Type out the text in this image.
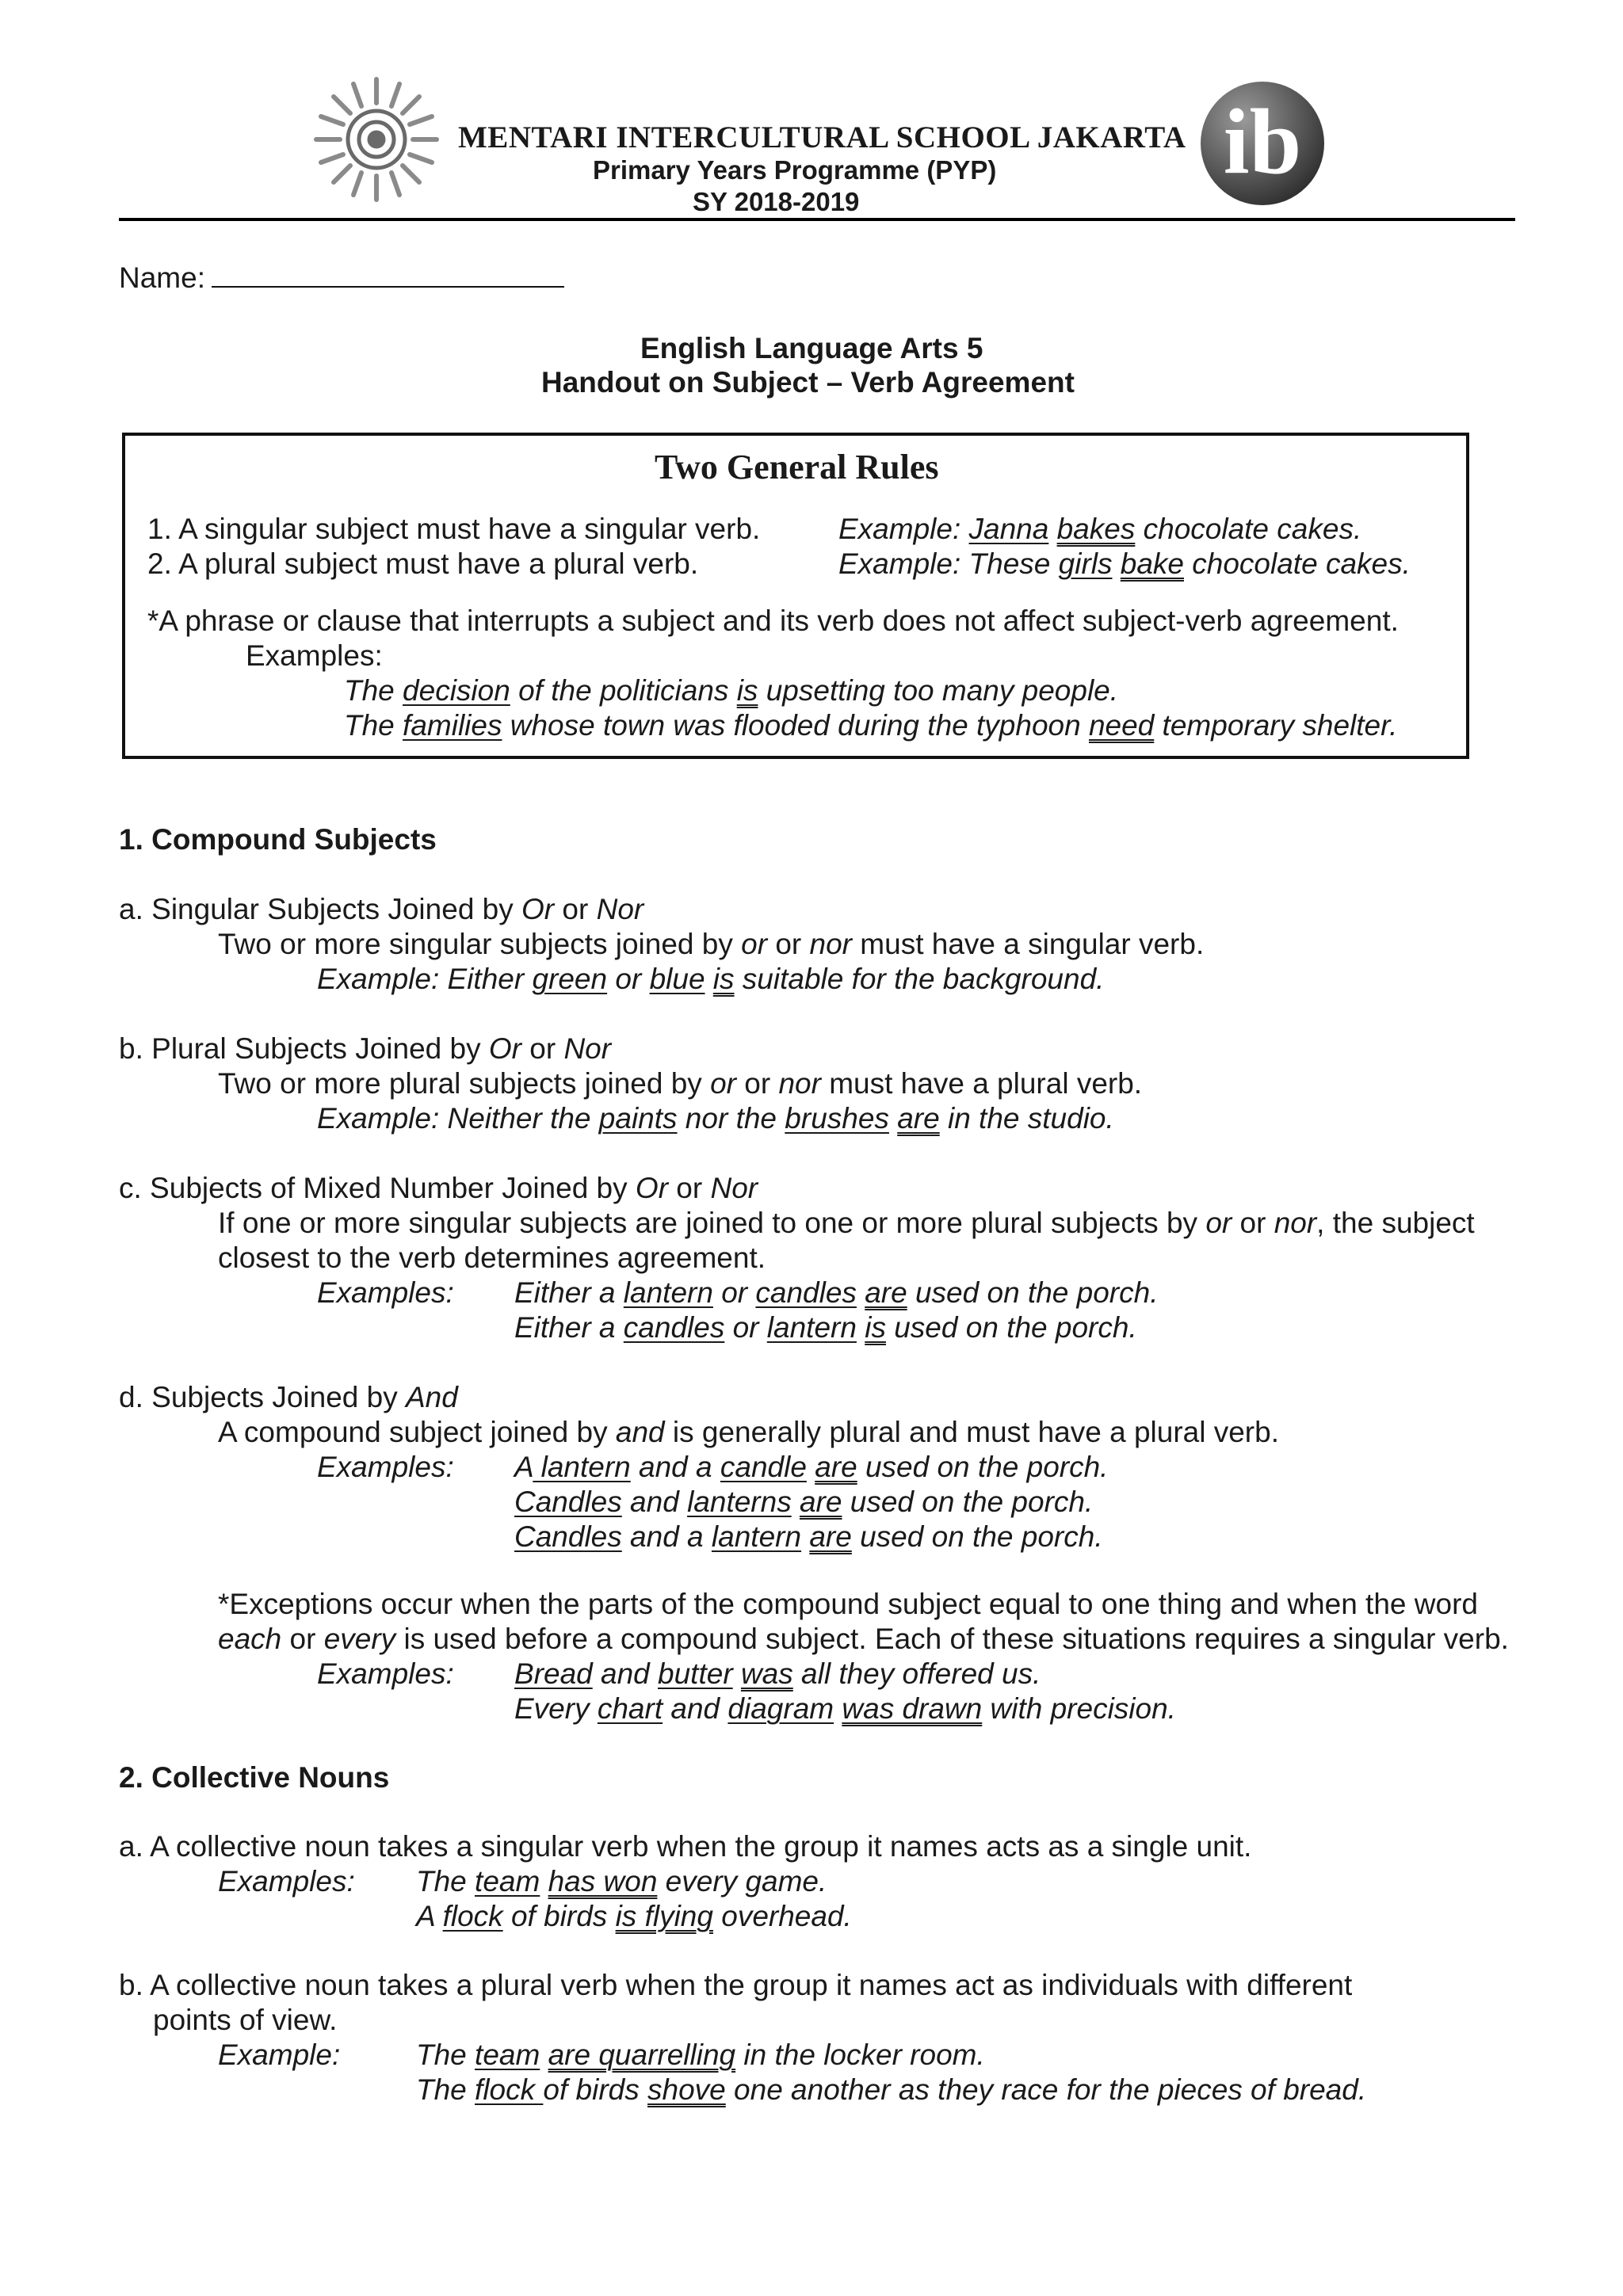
MENTARI INTERCULTURAL SCHOOL JAKARTA
Primary Years Programme (PYP)
SY 2018-2019
ib
Name:
English Language Arts 5
Handout on Subject – Verb Agreement
Two General Rules
1. A singular subject must have a singular verb.
2. A plural subject must have a plural verb.
Example: Janna bakes chocolate cakes.
Example: These girls bake chocolate cakes.
*A phrase or clause that interrupts a subject and its verb does not affect subject-verb agreement.
Examples:
The decision of the politicians is upsetting too many people.
The families whose town was flooded during the typhoon need temporary shelter.
1. Compound Subjects
a. Singular Subjects Joined by Or or Nor
Two or more singular subjects joined by or or nor must have a singular verb.
Example: Either green or blue is suitable for the background.
b. Plural Subjects Joined by Or or Nor
Two or more plural subjects joined by or or nor must have a plural verb.
Example: Neither the paints nor the brushes are in the studio.
c. Subjects of Mixed Number Joined by Or or Nor
If one or more singular subjects are joined to one or more plural subjects by or or nor, the subject
closest to the verb determines agreement.
Examples: Either a lantern or candles are used on the porch.
Either a candles or lantern is used on the porch.
d. Subjects Joined by And
A compound subject joined by and is generally plural and must have a plural verb.
Examples: A lantern and a candle are used on the porch.
Candles and lanterns are used on the porch.
Candles and a lantern are used on the porch.
*Exceptions occur when the parts of the compound subject equal to one thing and when the word
each or every is used before a compound subject. Each of these situations requires a singular verb.
Examples: Bread and butter was all they offered us.
Every chart and diagram was drawn with precision.
2. Collective Nouns
a. A collective noun takes a singular verb when the group it names acts as a single unit.
Examples: The team has won every game.
A flock of birds is flying overhead.
b. A collective noun takes a plural verb when the group it names act as individuals with different
points of view.
Example:	The team are quarrelling in the locker room.
The flock of birds shove one another as they race for the pieces of bread.
